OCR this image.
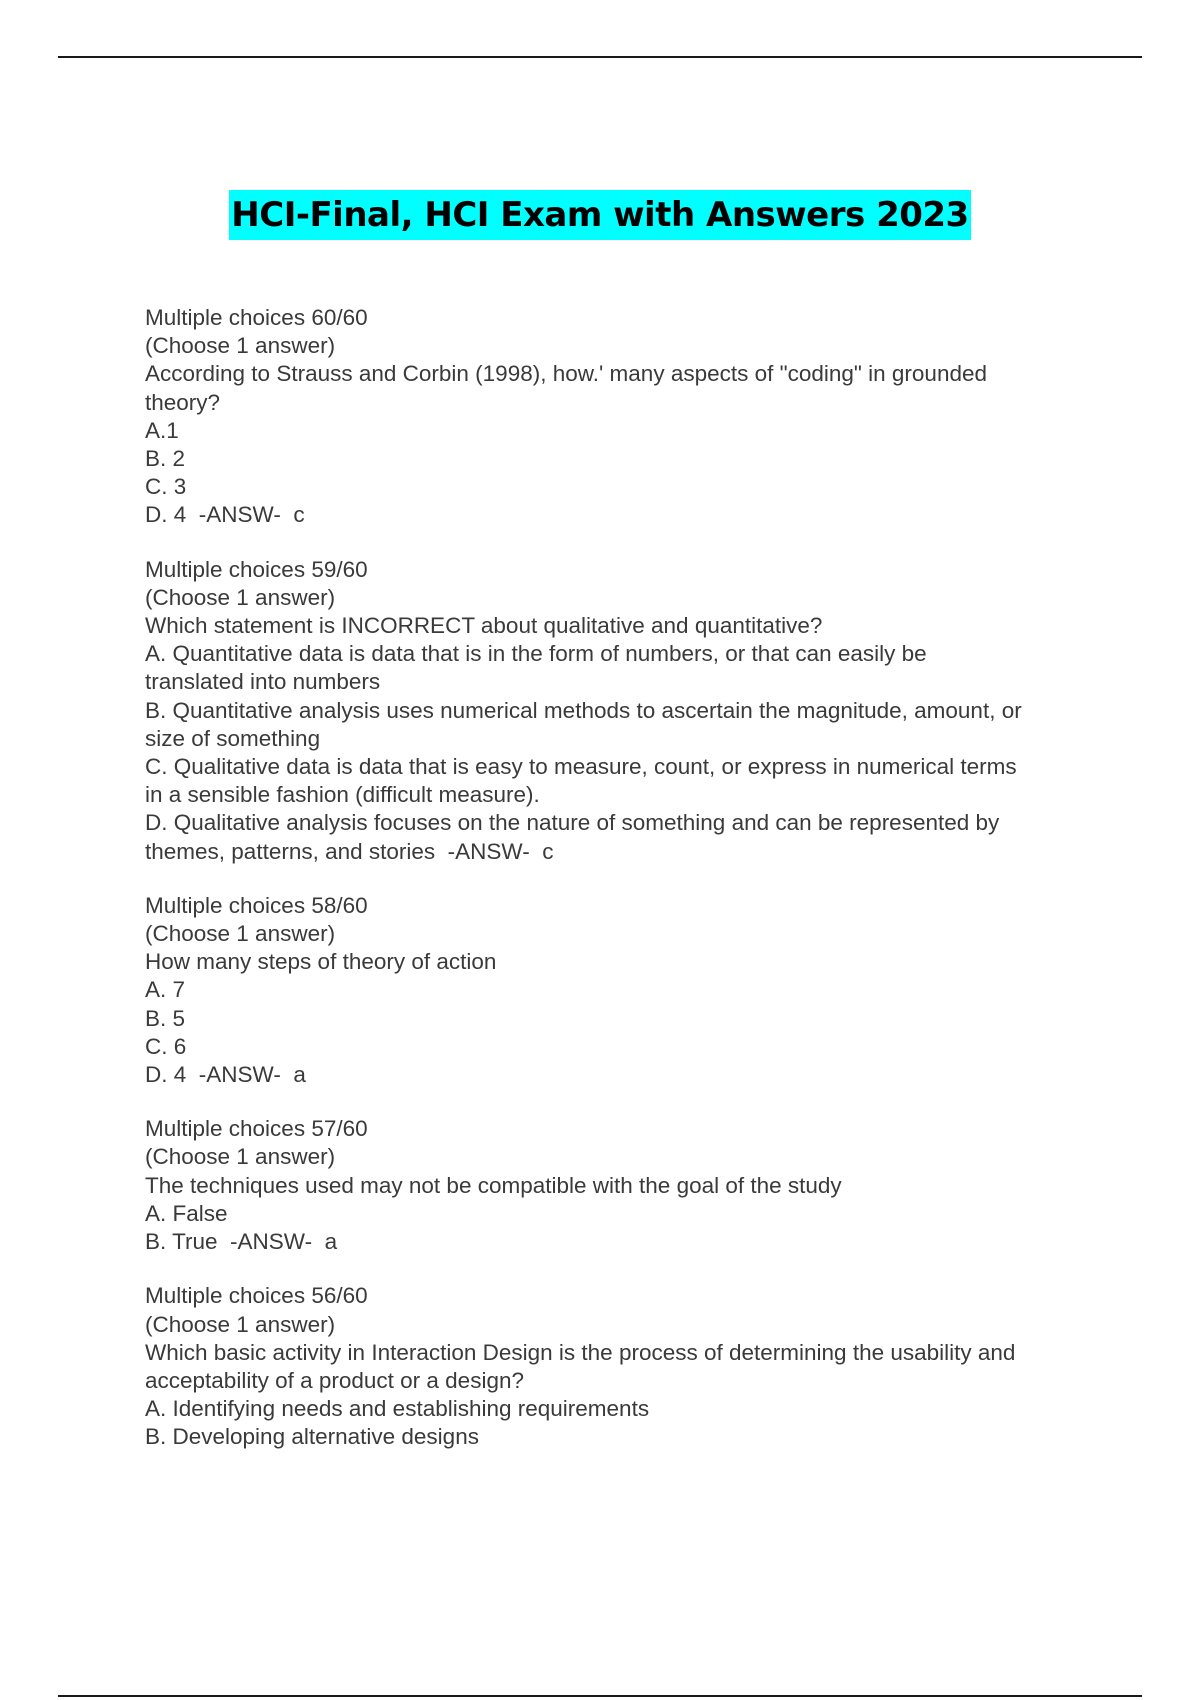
HCI-Final, HCI Exam with Answers 2023
Multiple choices 60/60
(Choose 1 answer)
According to Strauss and Corbin (1998), how.' many aspects of "coding" in grounded
theory?
A.1
B. 2
C. 3
D. 4  -ANSW-  c
Multiple choices 59/60
(Choose 1 answer)
Which statement is INCORRECT about qualitative and quantitative?
A. Quantitative data is data that is in the form of numbers, or that can easily be
translated into numbers
B. Quantitative analysis uses numerical methods to ascertain the magnitude, amount, or
size of something
C. Qualitative data is data that is easy to measure, count, or express in numerical terms
in a sensible fashion (difficult measure).
D. Qualitative analysis focuses on the nature of something and can be represented by
themes, patterns, and stories  -ANSW-  c
Multiple choices 58/60
(Choose 1 answer)
How many steps of theory of action
A. 7
B. 5
C. 6
D. 4  -ANSW-  a
Multiple choices 57/60
(Choose 1 answer)
The techniques used may not be compatible with the goal of the study
A. False
B. True  -ANSW-  a
Multiple choices 56/60
(Choose 1 answer)
Which basic activity in Interaction Design is the process of determining the usability and
acceptability of a product or a design?
A. Identifying needs and establishing requirements
B. Developing alternative designs
